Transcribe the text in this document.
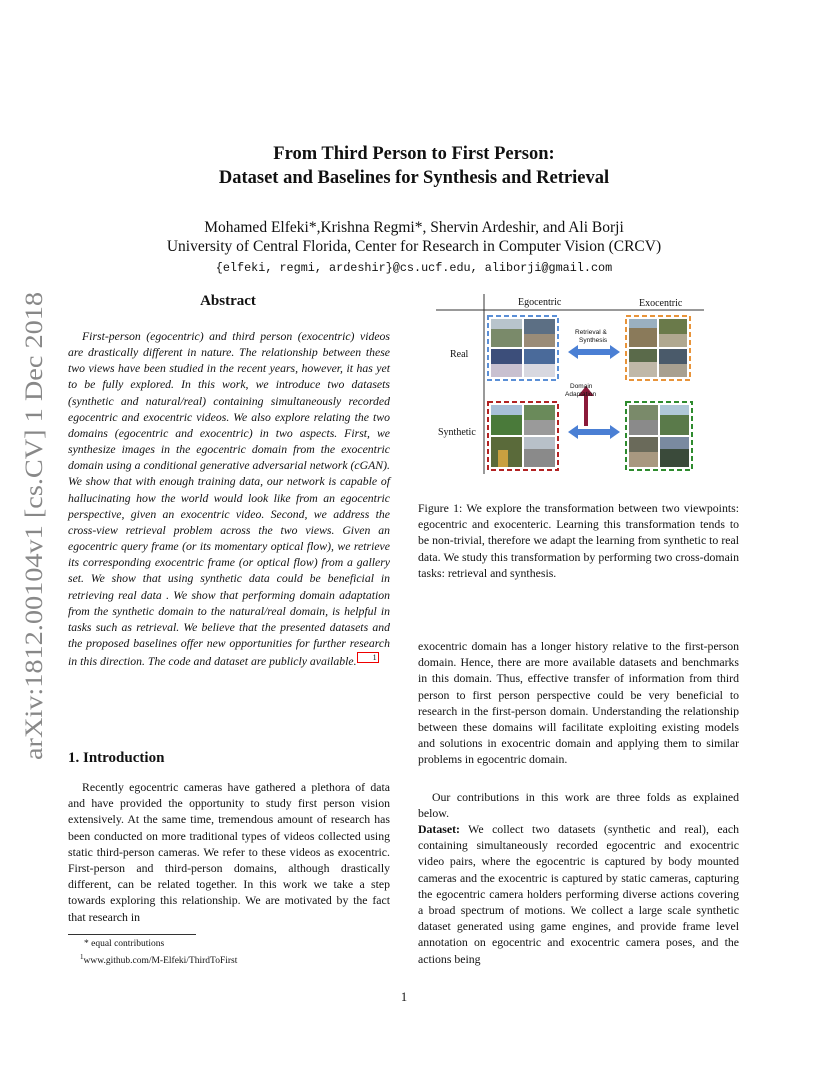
arXiv:1812.00104v1 [cs.CV] 1 Dec 2018
From Third Person to First Person:
Dataset and Baselines for Synthesis and Retrieval
Mohamed Elfeki*,Krishna Regmi*, Shervin Ardeshir, and Ali Borji
University of Central Florida, Center for Research in Computer Vision (CRCV)
{elfeki, regmi, ardeshir}@cs.ucf.edu, aliborji@gmail.com
Abstract

First-person (egocentric) and third person (exocentric) videos are drastically different in nature. The relationship between these two views have been studied in the recent years, however, it has yet to be fully explored. In this work, we introduce two datasets (synthetic and natural/real) containing simultaneously recorded egocentric and exocentric videos. We also explore relating the two domains (egocentric and exocentric) in two aspects. First, we synthesize images in the egocentric domain from the exocentric domain using a conditional generative adversarial network (cGAN). We show that with enough training data, our network is capable of hallucinating how the world would look like from an egocentric perspective, given an exocentric video. Second, we address the cross-view retrieval problem across the two views. Given an egocentric query frame (or its momentary optical flow), we retrieve its corresponding exocentric frame (or optical flow) from a gallery set. We show that using synthetic data could be beneficial in retrieving real data . We show that performing domain adaptation from the synthetic domain to the natural/real domain, is helpful in tasks such as retrieval. We believe that the presented datasets and the proposed baselines offer new opportunities for further research in this direction. The code and dataset are publicly available. 1

1. Introduction

Recently egocentric cameras have gathered a plethora of data and have provided the opportunity to study first person vision extensively. At the same time, tremendous amount of research has been conducted on more traditional types of videos collected using static third-person cameras. We refer to these videos as exocentric. First-person and third-person domains, although drastically different, can be related together. In this work we take a step towards exploring this relationship. We are motivated by the fact that research in

* equal contributions
$^1$www.github.com/M-Elfeki/ThirdToFirst
Egocentric	Exocentric
Real
Synthetic
Retrieval &
Synthesis
Domain
Adaptation

Figure 1: We explore the transformation between two viewpoints: egocentric and exocenteric. Learning this transformation tends to be non-trivial, therefore we adapt the learning from synthetic to real data. We study this transformation by performing two cross-domain tasks: retrieval and synthesis.

exocentric domain has a longer history relative to the first-person domain. Hence, there are more available datasets and benchmarks in this domain. Thus, effective transfer of information from third person to first person perspective could be very beneficial to research in the first-person domain. Understanding the relationship between these domains will facilitate exploiting existing models and solutions in exocentric domain and applying them to similar problems in egocentric domain.

Our contributions in this work are three folds as explained below.

Dataset: We collect two datasets (synthetic and real), each containing simultaneously recorded egocentric and exocentric video pairs, where the egocentric is captured by body mounted cameras and the exocentric is captured by static cameras, capturing the egocentric camera holders performing diverse actions covering a broad spectrum of motions. We collect a large scale synthetic dataset generated using game engines, and provide frame level annotation on egocentric and exocentric camera poses, and the actions being

1
